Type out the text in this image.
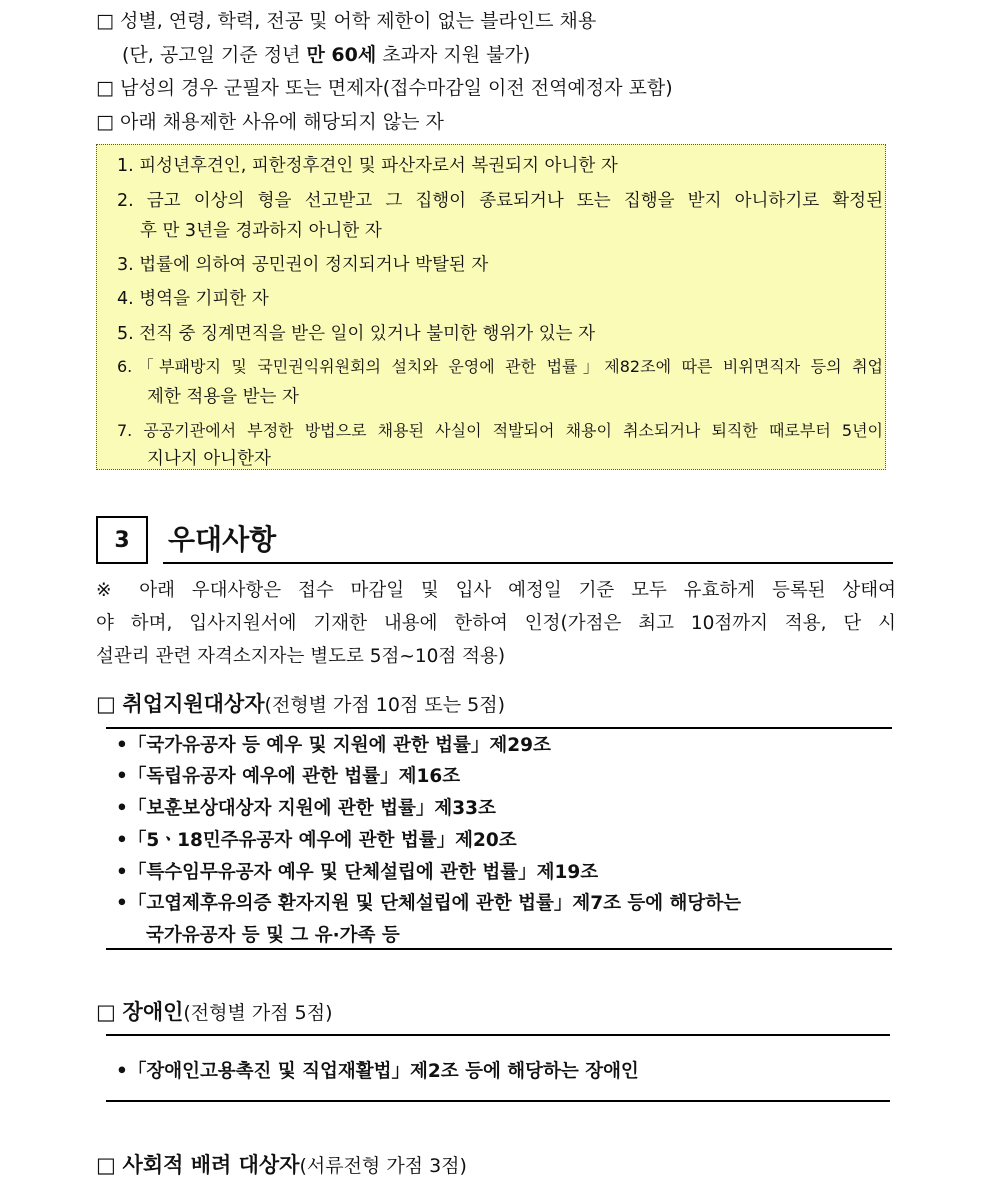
□ 성별, 연령, 학력, 전공 및 어학 제한이 없는 블라인드 채용
(단, 공고일 기준 정년 만 60세 초과자 지원 불가)
□ 남성의 경우 군필자 또는 면제자(접수마감일 이전 전역예정자 포함)
□ 아래 채용제한 사유에 해당되지 않는 자
1. 피성년후견인, 피한정후견인 및 파산자로서 복권되지 아니한 자
2. 금고 이상의 형을 선고받고 그 집행이 종료되거나 또는 집행을 받지 아니하기로 확정된
후 만 3년을 경과하지 아니한 자
3. 법률에 의하여 공민권이 정지되거나 박탈된 자
4. 병역을 기피한 자
5. 전직 중 징계면직을 받은 일이 있거나 불미한 행위가 있는 자
6.「부패방지 및 국민권익위원회의 설치와 운영에 관한 법률」제82조에 따른 비위면직자 등의 취업
제한 적용을 받는 자
7. 공공기관에서 부정한 방법으로 채용된 사실이 적발되어 채용이 취소되거나 퇴직한 때로부터 5년이
지나지 아니한자
3	우대사항
※ 아래 우대사항은 접수 마감일 및 입사 예정일 기준 모두 유효하게 등록된 상태여
야 하며, 입사지원서에 기재한 내용에 한하여 인정(가점은 최고 10점까지 적용, 단 시
설관리 관련 자격소지자는 별도로 5점~10점 적용)
□ 취업지원대상자(전형별 가점 10점 또는 5점)
•「국가유공자 등 예우 및 지원에 관한 법률」제29조
•「독립유공자 예우에 관한 법률」제16조
•「보훈보상대상자 지원에 관한 법률」제33조
•「5ㆍ18민주유공자 예우에 관한 법률」제20조
•「특수임무유공자 예우 및 단체설립에 관한 법률」제19조
•「고엽제후유의증 환자지원 및 단체설립에 관한 법률」제7조 등에 해당하는
국가유공자 등 및 그 유·가족 등
□ 장애인(전형별 가점 5점)
•「장애인고용촉진 및 직업재활법」제2조 등에 해당하는 장애인
□ 사회적 배려 대상자(서류전형 가점 3점)
